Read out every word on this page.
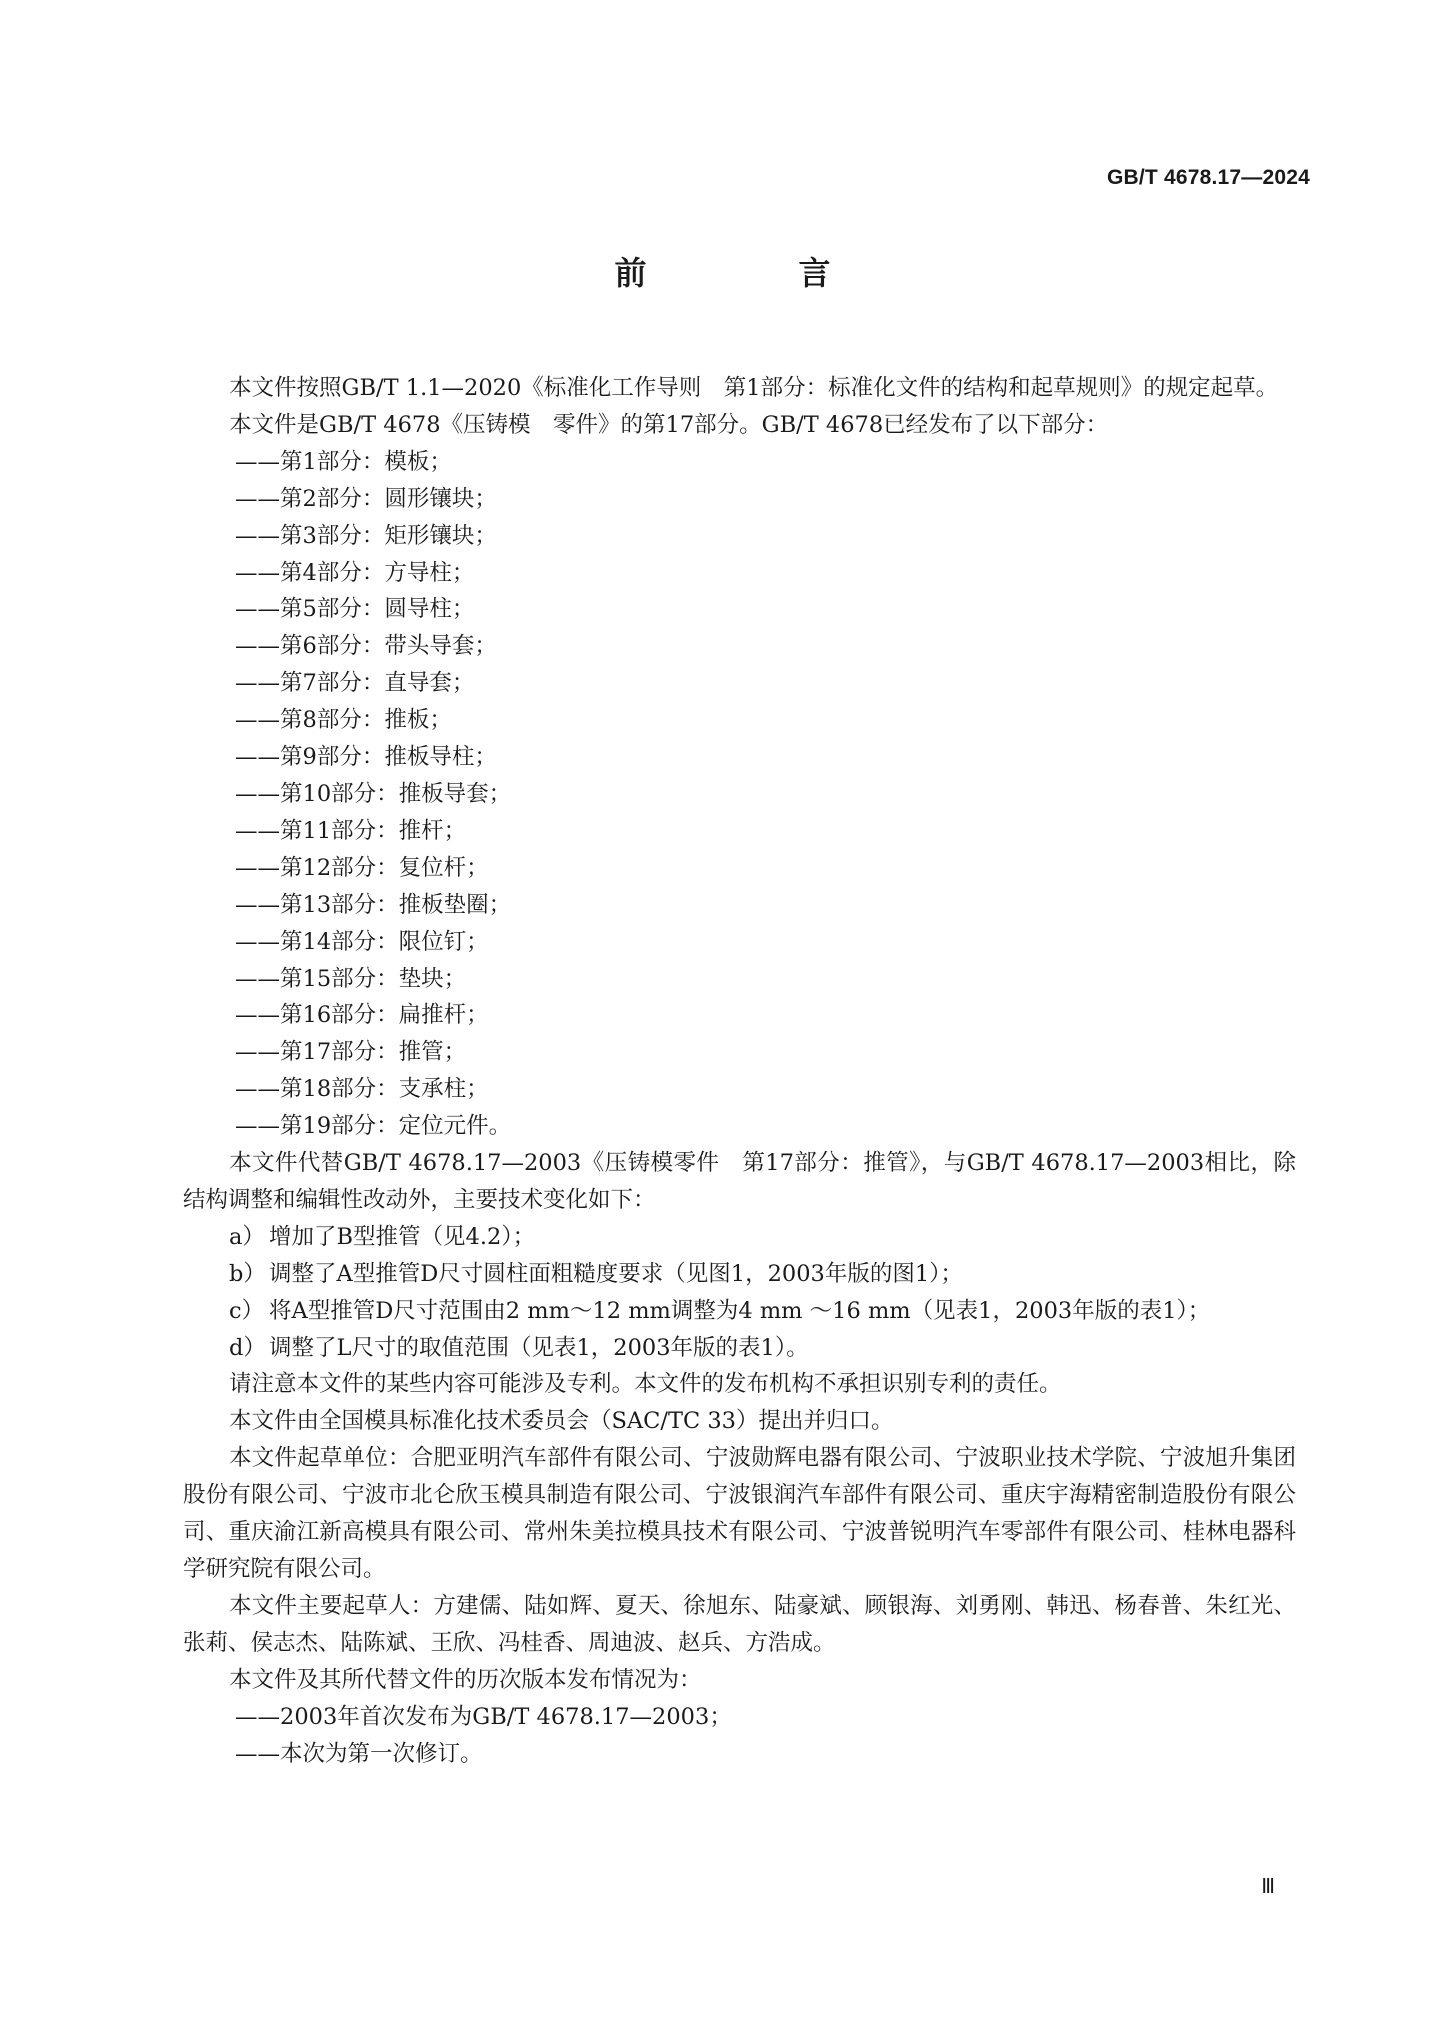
GB/T 4678.17—2024
前　言

本文件按照GB/T 1.1—2020《标准化工作导则　第1部分：标准化文件的结构和起草规则》的规定起草。

本文件是GB/T 4678《压铸模　零件》的第17部分。GB/T 4678已经发布了以下部分：

——第1部分：模板；

——第2部分：圆形镶块；

——第3部分：矩形镶块；

——第4部分：方导柱；

——第5部分：圆导柱；

——第6部分：带头导套；

——第7部分：直导套；

——第8部分：推板；

——第9部分：推板导柱；

——第10部分：推板导套；

——第11部分：推杆；

——第12部分：复位杆；

——第13部分：推板垫圈；

——第14部分：限位钉；

——第15部分：垫块；

——第16部分：扁推杆；

——第17部分：推管；

——第18部分：支承柱；

——第19部分：定位元件。

本文件代替GB/T 4678.17—2003《压铸模零件　第17部分：推管》，与GB/T 4678.17—2003相比，除结构调整和编辑性改动外，主要技术变化如下：

a） 增加了B型推管（见4.2）；

b） 调整了A型推管D尺寸圆柱面粗糙度要求（见图1，2003年版的图1）；

c） 将A型推管D尺寸范围由2 mm～12 mm调整为4 mm ～16 mm（见表1，2003年版的表1）；

d） 调整了L尺寸的取值范围（见表1，2003年版的表1）。

请注意本文件的某些内容可能涉及专利。本文件的发布机构不承担识别专利的责任。

本文件由全国模具标准化技术委员会（SAC/TC 33）提出并归口。

本文件起草单位：合肥亚明汽车部件有限公司、宁波勋辉电器有限公司、宁波职业技术学院、宁波旭升集团股份有限公司、宁波市北仑欣玉模具制造有限公司、宁波银润汽车部件有限公司、重庆宇海精密制造股份有限公司、重庆渝江新高模具有限公司、常州朱美拉模具技术有限公司、宁波普锐明汽车零部件有限公司、桂林电器科学研究院有限公司。

本文件主要起草人：方建儒、陆如辉、夏天、徐旭东、陆豪斌、顾银海、刘勇刚、韩迅、杨春普、朱红光、张莉、侯志杰、陆陈斌、王欣、冯桂香、周迪波、赵兵、方浩成。

本文件及其所代替文件的历次版本发布情况为：

——2003年首次发布为GB/T 4678.17—2003；

——本次为第一次修订。

Ⅲ
